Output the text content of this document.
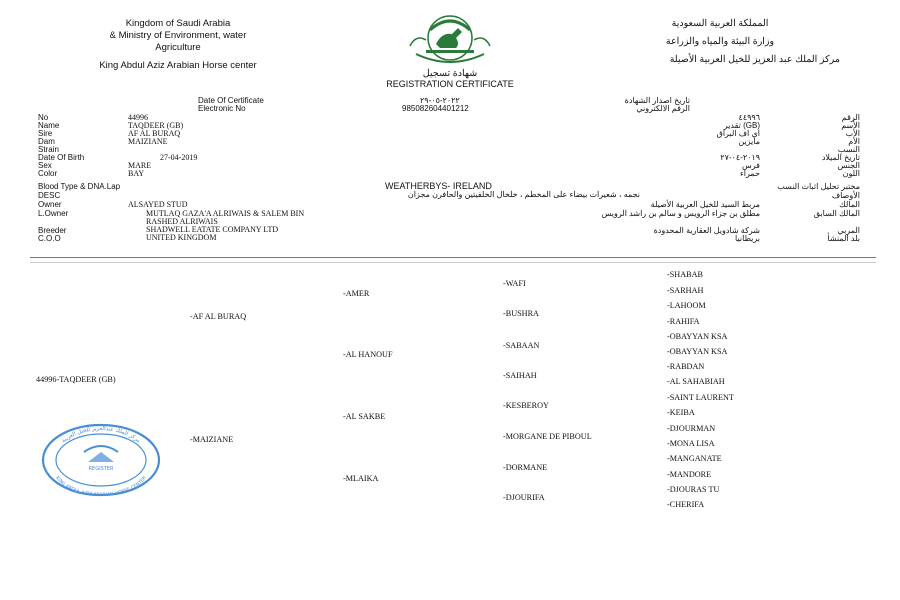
Kingdom of Saudi Arabia
& Ministry of Environment, water
Agriculture
King Abdul Aziz Arabian Horse center
المملكة العربية السعودية
وزارة البيئة والمياه والزراعة
مركز الملك عبد العزيز للخيل العربية الأصيلة
شهادة تسجيل
REGISTRATION CERTIFICATE
Date Of Certificate	٢٠٢٢-٠٥-٢٩	تاريخ اصدار الشهادة
Electronic No	985082604401212	الرقم الالكتروني
No	44996	٤٤٩٩٦	الرقم
Name	TAQDEER (GB)	(GB) تقدير	الأسم
Sire	AF AL BURAQ	اي اف البراق	الأب
Dam	MAIZIANE	مايزين	الأم
Strain	النسب
Date Of Birth	27-04-2019	٢٠١٩-٠٤-٢٧	تاريخ الميلاد
Sex	MARE	فرس	الجنس
Color	BAY	حمراء	اللون
Blood Type & DNA.Lap	WEATHERBYS- IRELAND	مختبر تحليل اثبات النسب
DESC	نجمه ، شعيرات بيضاء على المخطم ، خلخال الخلفيتين والحافرن مجزان	الأوصاف
Owner	ALSAYED STUD	مربط السيد للخيل العربية الأصيلة	المالك
L.Owner	MUTLAQ GAZA'A ALRIWAIS & SALEM BIN
RASHED ALRIWAIS
مطلق بن جزاء الرويس و سالم بن راشد الرويس	المالك السابق
Breeder	SHADWELL EATATE COMPANY LTD	شركة شادويل العقارية المحدودة	المربي
C.O.O	UNITED KINGDOM	بريطانيا	بلد المنشأ
44996-TAQDEER (GB)
-AF AL BURAQ
-MAIZIANE
-AMER
-AL HANOUF
-AL SAKBE
-MLAIKA
-WAFI
-BUSHRA
-SABAAN
-SAIHAH
-KESBEROY
-MORGANE DE PIBOUL
-DORMANE
-DJOURIFA
-SHABAB
-SARHAH
-LAHOOM
-RAHIFA
-OBAYYAN KSA
-OBAYYAN KSA
-RABDAN
-AL SAHABIAH
-SAINT LAURENT
-KEIBA
-DJOURMAN
-MONA LISA
-MANGANATE
-MANDORE
-DJOURAS TU
-CHERIFA
مركز الملك عبدالعزيز للخيل العربية
KING ABDUL AZIZ ARABIAN HORSE CENTER
REGISTER
